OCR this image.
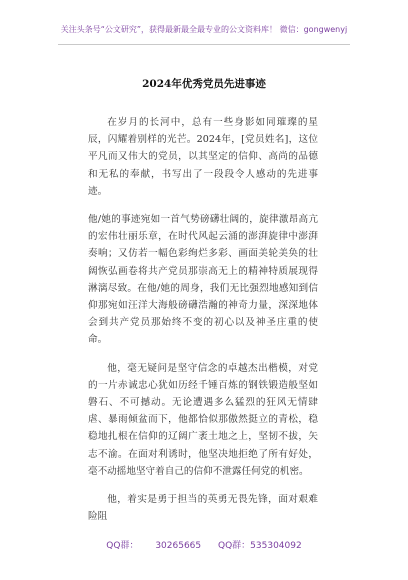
关注头条号“公文研究”，获得最新最全最专业的公文资料库！ 微信：gongwenyj
2024年优秀党员先进事迹

在岁月的长河中，总有一些身影如同璀璨的星辰，闪耀着别样的光芒。2024年，[党员姓名]，这位平凡而又伟大的党员，以其坚定的信仰、高尚的品德和无私的奉献，书写出了一段段令人感动的先进事迹。

他/她的事迹宛如一首气势磅礴壮阔的，旋律激昂高亢的宏伟壮丽乐章，在时代风起云涌的澎湃旋律中澎湃奏响；又仿若一幅色彩绚烂多彩、画面美轮美奂的壮阔恢弘画卷将共产党员那崇高无上的精神特质展现得淋漓尽致。在他/她的周身，我们无比强烈地感知到信仰那宛如汪洋大海般磅礴浩瀚的神奇力量，深深地体会到共产党员那始终不变的初心以及神圣庄重的使命。

他，毫无疑问是坚守信念的卓越杰出楷模，对党的一片赤诚忠心犹如历经千锤百炼的钢铁锻造般坚如磐石、不可撼动。无论遭遇多么猛烈的狂风无情肆虐、暴雨倾盆而下，他都恰似那傲然挺立的青松，稳稳地扎根在信仰的辽阔广袤土地之上，坚韧不拔，矢志不渝。在面对利诱时，他坚决地拒绝了所有好处，毫不动摇地坚守着自己的信仰不泄露任何党的机密。

他，着实是勇于担当的英勇无畏先锋，面对艰难险阻

QQ群： 30265665 QQ群：535304092
